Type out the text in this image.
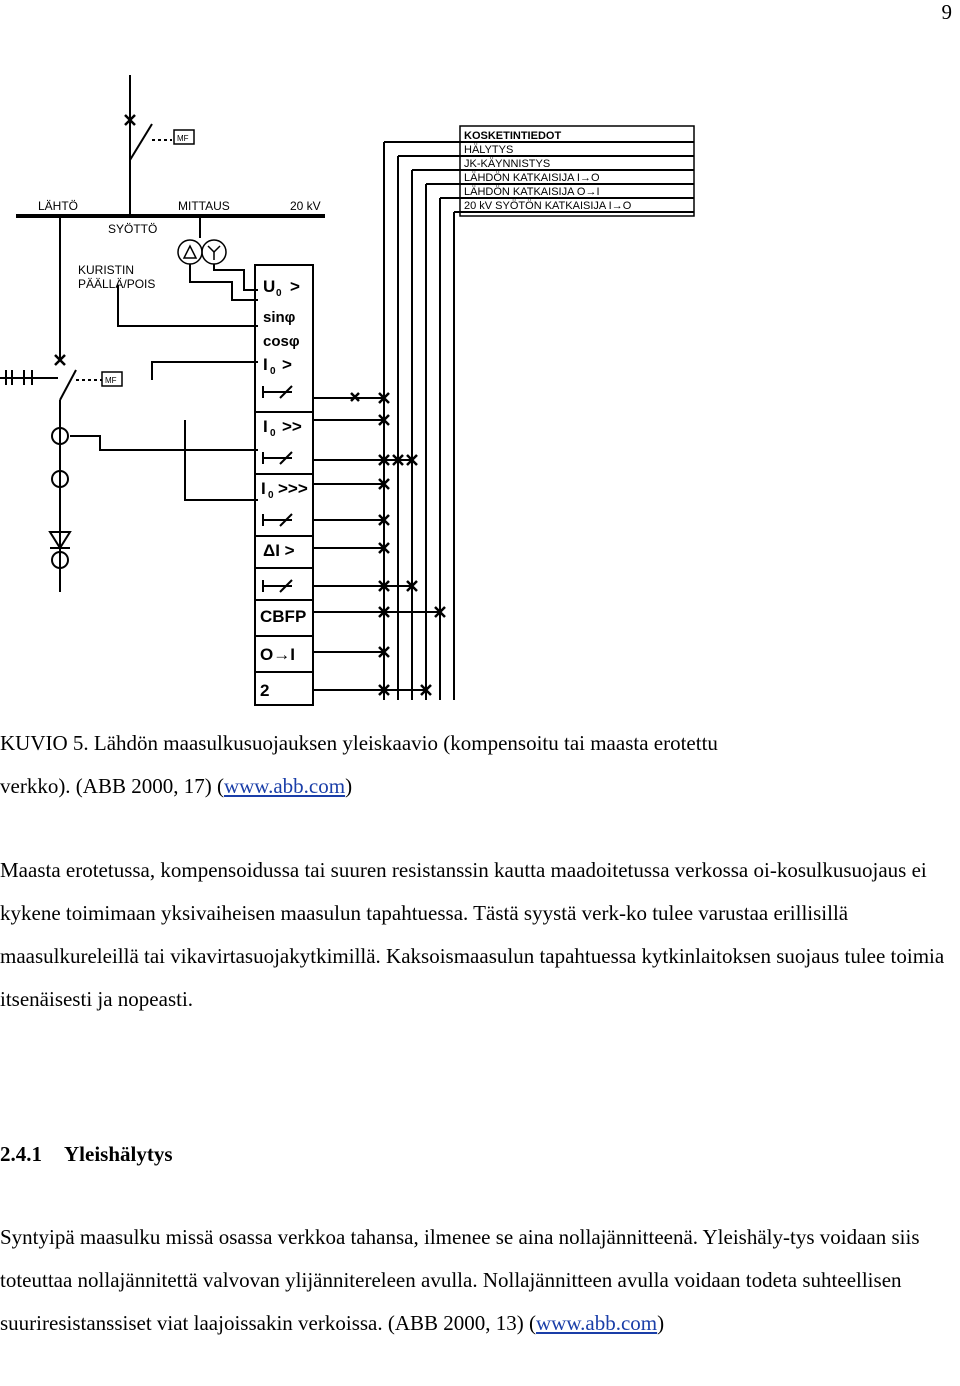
9
LÄHTÖ
SYÖTTÖ
MITTAUS	20 kV
KURISTIN
PÄÄLLÄ/POIS
MF
MF
KOSKETINTIEDOT
HÄLYTYS
JK-KÄYNNISTYS
LÄHDÖN KATKAISIJA I→O
LÄHDÖN KATKAISIJA O→I
20 kV SYÖTÖN KATKAISIJA I→O
U 0 >
sinφ
cosφ
I 0 >
I 0 >>
I 0 >>>
ΔI >
CBFP
O→I
2
KUVIO 5. Lähdön maasulkusuojauksen yleiskaavio (kompensoitu tai maasta erotettu
verkko). (ABB 2000, 17) (www.abb.com)
Maasta erotetussa, kompensoidussa tai suuren resistanssin kautta maadoitetussa verkossa oi-kosulkusuojaus ei kykene toimimaan yksivaiheisen maasulun tapahtuessa. Tästä syystä verk-ko tulee varustaa erillisillä maasulkureleillä tai vikavirtasuojakytkimillä. Kaksoismaasulun tapahtuessa kytkinlaitoksen suojaus tulee toimia itsenäisesti ja nopeasti.
2.4.1 Yleishälytys
Syntyipä maasulku missä osassa verkkoa tahansa, ilmenee se aina nollajännitteenä. Yleishäly-tys voidaan siis toteuttaa nollajännitettä valvovan ylijännitereleen avulla. Nollajännitteen avulla voidaan todeta suhteellisen suuriresistanssiset viat laajoissakin verkoissa. (ABB 2000, 13) (www.abb.com)
